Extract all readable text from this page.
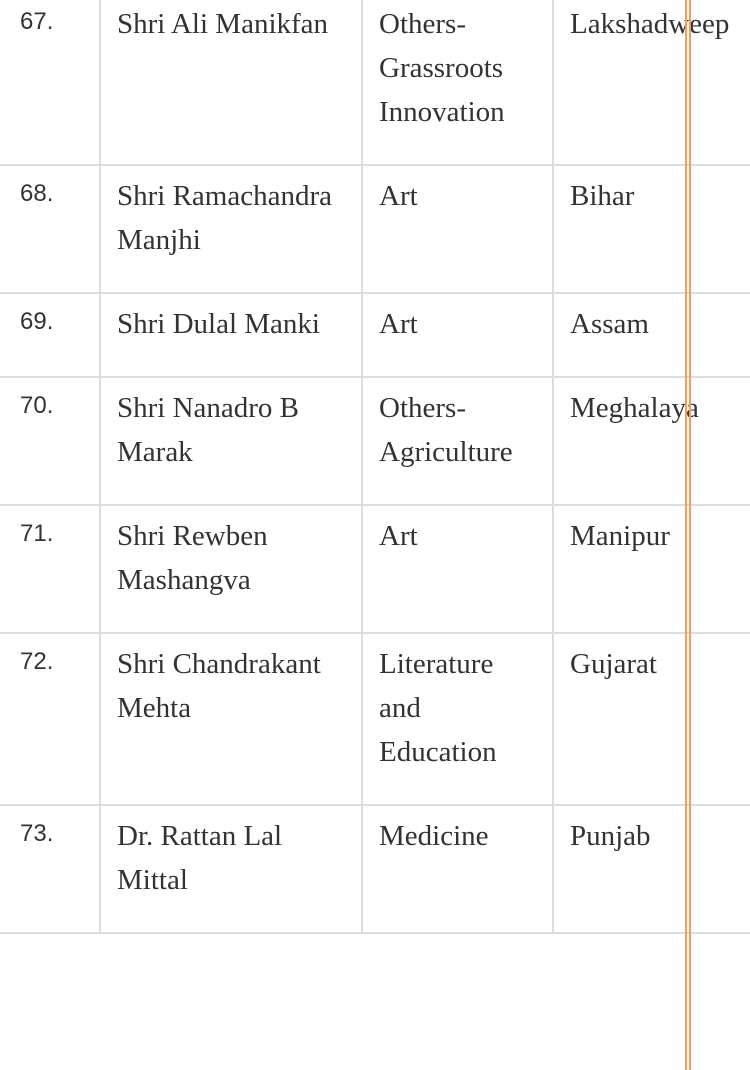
67.	Shri Ali Manikfan	Others-Grassroots Innovation	Lakshadweep
68.	Shri Ramachandra Manjhi	Art	Bihar
69.	Shri Dulal Manki	Art	Assam
70.	Shri Nanadro B Marak	Others-Agriculture	Meghalaya
71.	Shri Rewben Mashangva	Art	Manipur
72.	Shri Chandrakant Mehta	Literature and Education	Gujarat
73.	Dr. Rattan Lal Mittal	Medicine	Punjab
